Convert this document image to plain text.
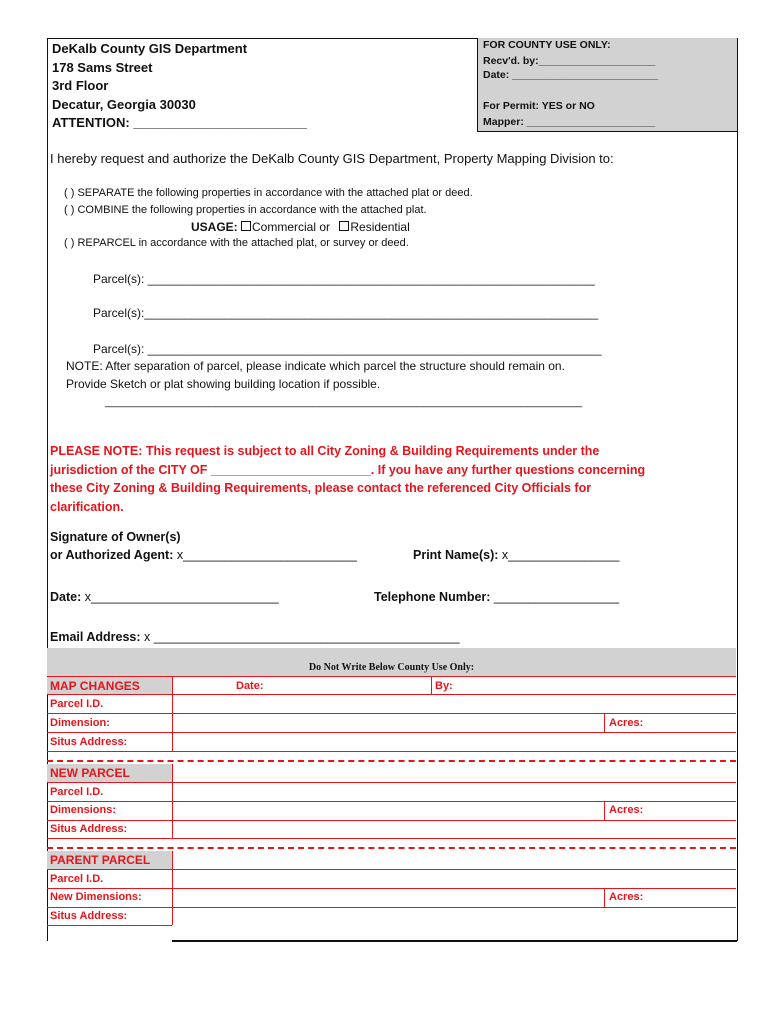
DeKalb County GIS Department
178 Sams Street
3rd Floor
Decatur, Georgia 30030
ATTENTION: ________________________
FOR COUNTY USE ONLY:
Recv'd. by:____________________
Date: _________________________
For Permit: YES or NO
Mapper: ______________________
I hereby request and authorize the DeKalb County GIS Department, Property Mapping Division to:
( ) SEPARATE the following properties in accordance with the attached plat or deed.
( ) COMBINE the following properties in accordance with the attached plat.
USAGE: Commercial or Residential
( ) REPARCEL in accordance with the attached plat, or survey or deed.
Parcel(s): ___________________________________________________________________
Parcel(s):____________________________________________________________________
Parcel(s): ____________________________________________________________________
NOTE: After separation of parcel, please indicate which parcel the structure should remain on.
Provide Sketch or plat showing building location if possible.
______________________________________________________________________________
PLEASE NOTE: This request is subject to all City Zoning & Building Requirements under the
jurisdiction of the CITY OF _______________________. If you have any further questions concerning
these City Zoning & Building Requirements, please contact the referenced City Officials for
clarification.
Signature of Owner(s)
or Authorized Agent: x_________________________	Print Name(s): x________________
Date: x___________________________	Telephone Number: __________________
Email Address: x ____________________________________________
Do Not Write Below County Use Only:
MAP CHANGES	Date:	By:
Parcel I.D.
Dimension:	Acres:
Situs Address:
NEW PARCEL
Parcel I.D.
Dimensions:	Acres:
Situs Address:
PARENT PARCEL
Parcel I.D.
New Dimensions:	Acres:
Situs Address:
